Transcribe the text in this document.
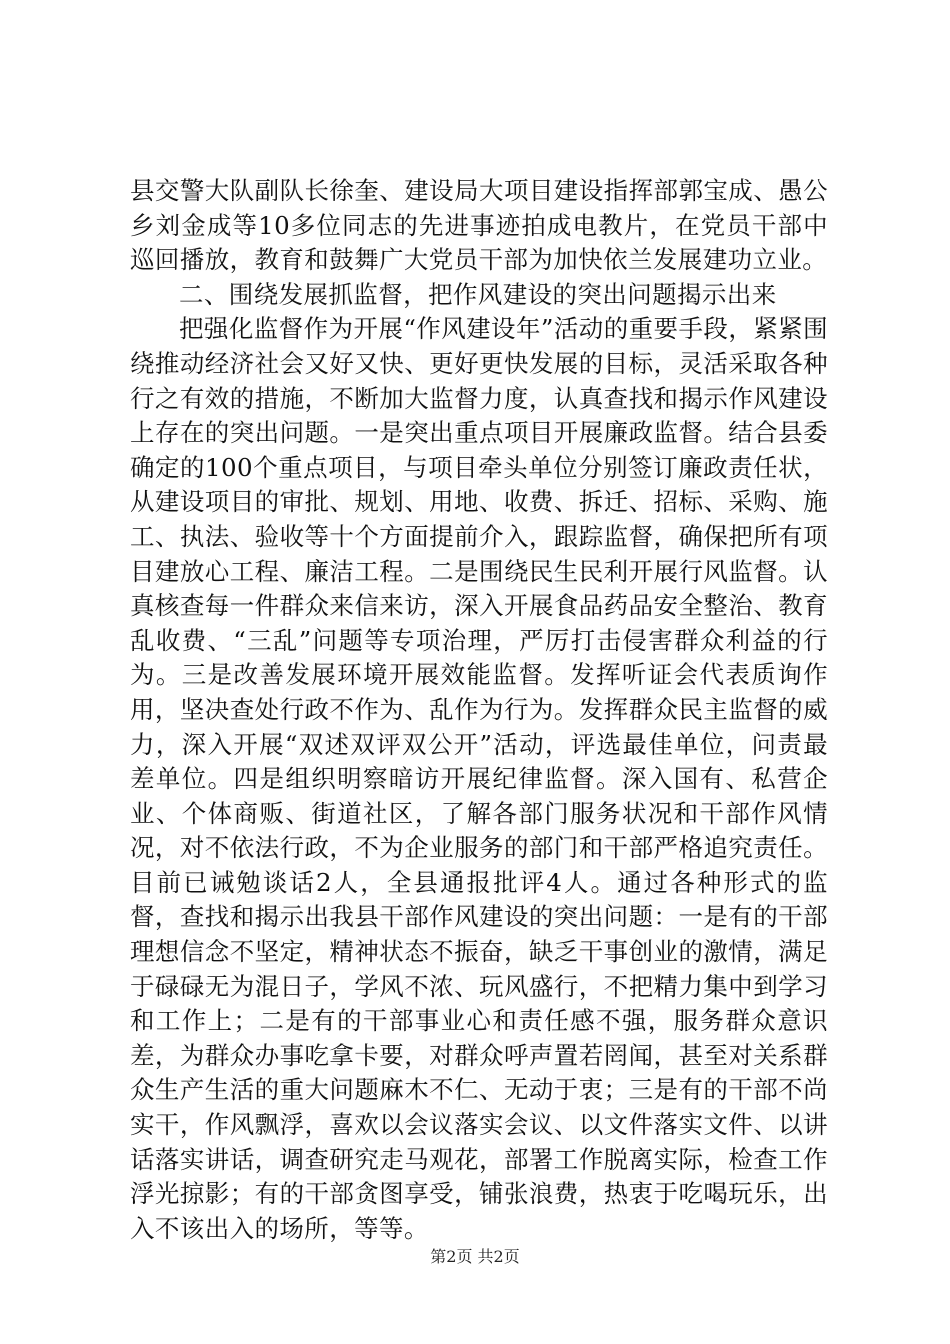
县交警大队副队长徐奎、建设局大项目建设指挥部郭宝成、愚公乡刘金成等10多位同志的先进事迹拍成电教片，在党员干部中巡回播放，教育和鼓舞广大党员干部为加快依兰发展建功立业。

二、围绕发展抓监督，把作风建设的突出问题揭示出来

把强化监督作为开展“作风建设年”活动的重要手段，紧紧围绕推动经济社会又好又快、更好更快发展的目标，灵活采取各种行之有效的措施，不断加大监督力度，认真查找和揭示作风建设上存在的突出问题。一是突出重点项目开展廉政监督。结合县委确定的100个重点项目，与项目牵头单位分别签订廉政责任状，从建设项目的审批、规划、用地、收费、拆迁、招标、采购、施工、执法、验收等十个方面提前介入，跟踪监督，确保把所有项目建放心工程、廉洁工程。二是围绕民生民利开展行风监督。认真核查每一件群众来信来访，深入开展食品药品安全整治、教育乱收费、“三乱”问题等专项治理，严厉打击侵害群众利益的行为。三是改善发展环境开展效能监督。发挥听证会代表质询作用，坚决查处行政不作为、乱作为行为。发挥群众民主监督的威力，深入开展“双述双评双公开”活动，评选最佳单位，问责最差单位。四是组织明察暗访开展纪律监督。深入国有、私营企业、个体商贩、街道社区，了解各部门服务状况和干部作风情况，对不依法行政，不为企业服务的部门和干部严格追究责任。目前已诫勉谈话2人，全县通报批评4人。通过各种形式的监督，查找和揭示出我县干部作风建设的突出问题：一是有的干部理想信念不坚定，精神状态不振奋，缺乏干事创业的激情，满足于碌碌无为混日子，学风不浓、玩风盛行，不把精力集中到学习和工作上；二是有的干部事业心和责任感不强，服务群众意识差，为群众办事吃拿卡要，对群众呼声置若罔闻，甚至对关系群众生产生活的重大问题麻木不仁、无动于衷；三是有的干部不尚实干，作风飘浮，喜欢以会议落实会议、以文件落实文件、以讲话落实讲话，调查研究走马观花，部署工作脱离实际，检查工作浮光掠影；有的干部贪图享受，铺张浪费，热衷于吃喝玩乐，出入不该出入的场所，等等。

第2页 共2页
